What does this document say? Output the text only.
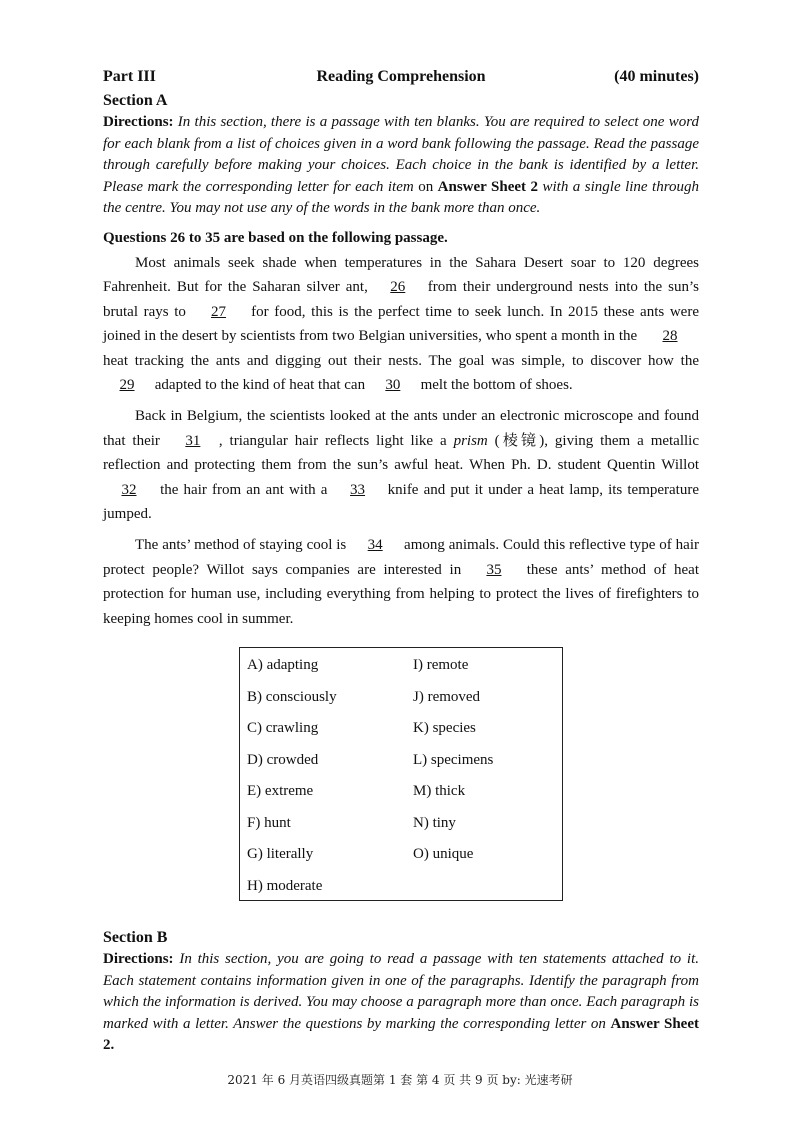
Part III	Reading Comprehension	(40 minutes)

Section A

Directions: In this section, there is a passage with ten blanks. You are required to select one word for each blank from a list of choices given in a word bank following the passage. Read the passage through carefully before making your choices. Each choice in the bank is identified by a letter. Please mark the corresponding letter for each item on Answer Sheet 2 with a single line through the centre. You may not use any of the words in the bank more than once.

Questions 26 to 35 are based on the following passage.

Most animals seek shade when temperatures in the Sahara Desert soar to 120 degrees Fahrenheit. But for the Saharan silver ant, 26 from their underground nests into the sun’s brutal rays to 27 for food, this is the perfect time to seek lunch. In 2015 these ants were joined in the desert by scientists from two Belgian universities, who spent a month in the 28 heat tracking the ants and digging out their nests. The goal was simple, to discover how the 29 adapted to the kind of heat that can 30 melt the bottom of shoes.

Back in Belgium, the scientists looked at the ants under an electronic microscope and found that their 31 , triangular hair reflects light like a prism (棱镜), giving them a metallic reflection and protecting them from the sun’s awful heat. When Ph. D. student Quentin Willot 32 the hair from an ant with a 33 knife and put it under a heat lamp, its temperature jumped.

The ants’ method of staying cool is 34 among animals. Could this reflective type of hair protect people? Willot says companies are interested in 35 these ants’ method of heat protection for human use, including everything from helping to protect the lives of firefighters to keeping homes cool in summer.

A) adapting
B) consciously
C) crawling
D) crowded
E) extreme
F) hunt
G) literally
H) moderate
I) remote
J) removed
K) species
L) specimens
M) thick
N) tiny
O) unique

Section B

Directions: In this section, you are going to read a passage with ten statements attached to it. Each statement contains information given in one of the paragraphs. Identify the paragraph from which the information is derived. You may choose a paragraph more than once. Each paragraph is marked with a letter. Answer the questions by marking the corresponding letter on Answer Sheet 2.

2021 年 6 月英语四级真题第 1 套 第 4 页 共 9 页 by: 光速考研
